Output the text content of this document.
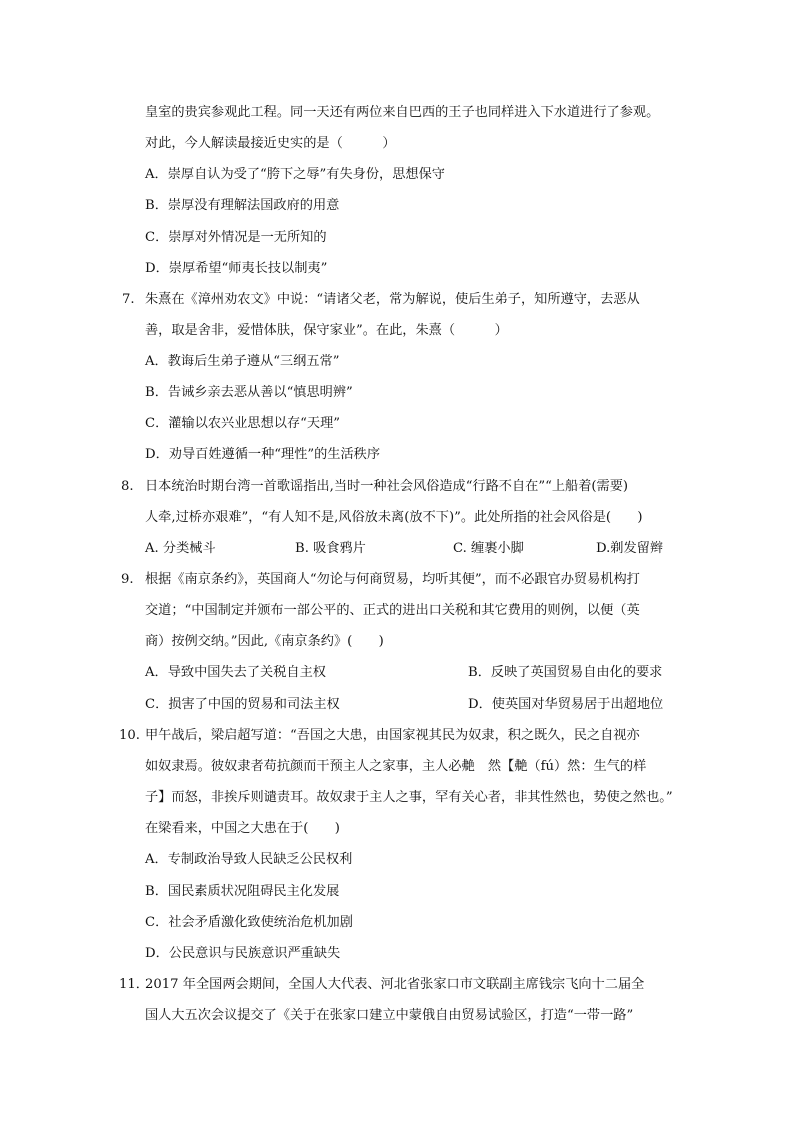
皇室的贵宾参观此工程。同一天还有两位来自巴西的王子也同样进入下水道进行了参观。
对此，今人解读最接近史实的是（　　　）
A．崇厚自认为受了“胯下之辱”有失身份，思想保守
B．崇厚没有理解法国政府的用意
C．崇厚对外情况是一无所知的
D．崇厚希望“师夷长技以制夷”
7. 朱熹在《漳州劝农文》中说：“请诸父老，常为解说，使后生弟子，知所遵守，去恶从
善，取是舍非，爱惜体肤，保守家业”。在此，朱熹（　　　）
A．教诲后生弟子遵从“三纲五常”
B．告诫乡亲去恶从善以“慎思明辨”
C．灌输以农兴业思想以存“天理”
D．劝导百姓遵循一种“理性”的生活秩序
8. 日本统治时期台湾一首歌谣指出,当时一种社会风俗造成“行路不自在”“上船着(需要)
人牵,过桥亦艰难”，“有人知不是,风俗放未离(放不下)”。此处所指的社会风俗是(　　)
A. 分类械斗	B. 吸食鸦片	C. 缠裹小脚	D.剃发留辫
9. 根据《南京条约》，英国商人“勿论与何商贸易，均听其便”，而不必跟官办贸易机构打
交道；“中国制定并颁布一部公平的、正式的进出口关税和其它费用的则例，以便（英
商）按例交纳。”因此,《南京条约》(　　)
A．导致中国失去了关税自主权	B．反映了英国贸易自由化的要求
C．损害了中国的贸易和司法主权	D．使英国对华贸易居于出超地位
10. 甲午战后，梁启超写道：“吾国之大患，由国家视其民为奴隶，积之既久，民之自视亦
如奴隶焉。彼奴隶者苟抗颜而干预主人之家事，主人必艴　然【艴（fú）然：生气的样
子】而怒，非挨斥则谴责耳。故奴隶于主人之事，罕有关心者，非其性然也，势使之然也。”
在梁看来，中国之大患在于(　　)
A．专制政治导致人民缺乏公民权利
B．国民素质状况阻碍民主化发展
C．社会矛盾激化致使统治危机加剧
D．公民意识与民族意识严重缺失
11．
2017 年全国两会期间，全国人大代表、河北省张家口市文联副主席钱宗飞向十二届全
国人大五次会议提交了《关于在张家口建立中蒙俄自由贸易试验区，打造“一带一路”
